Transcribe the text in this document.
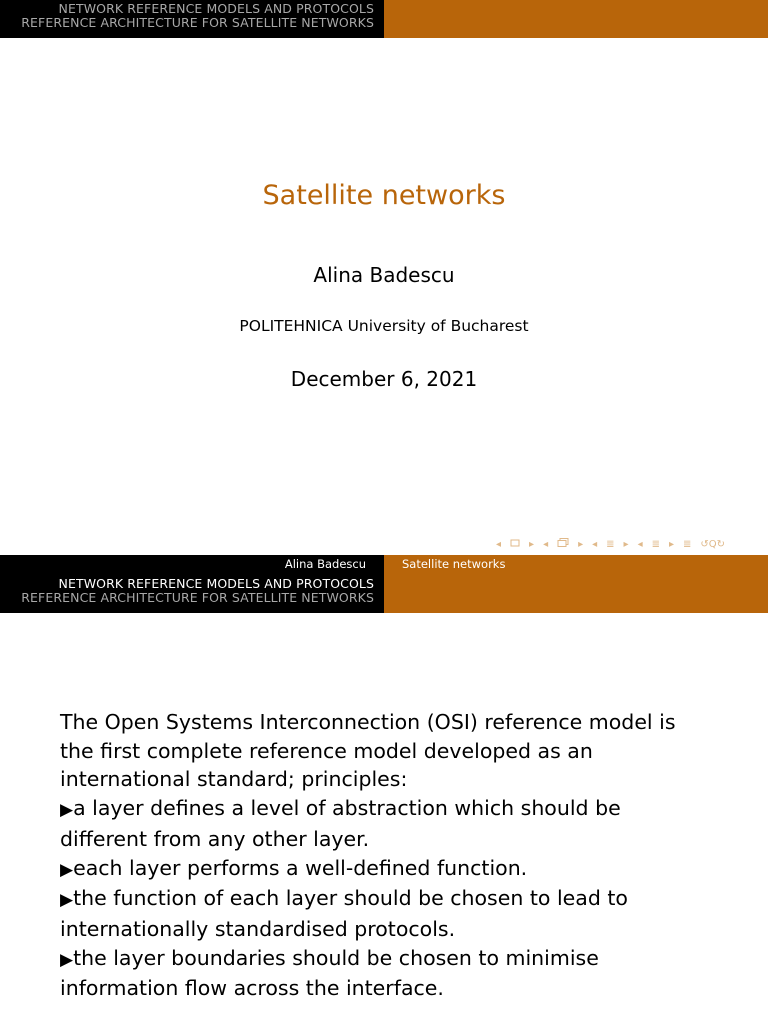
NETWORK REFERENCE MODELS AND PROTOCOLS
REFERENCE ARCHITECTURE FOR SATELLITE NETWORKS
Satellite networks
Alina Badescu
POLITEHNICA University of Bucharest
December 6, 2021
◂	▸ ◂	▸ ◂ ≣ ▸ ◂ ≣ ▸ ≣ ↺Q↻
Alina Badescu	Satellite networks
NETWORK REFERENCE MODELS AND PROTOCOLS
REFERENCE ARCHITECTURE FOR SATELLITE NETWORKS

The Open Systems Interconnection (OSI) reference model is the first complete reference model developed as an international standard; principles:

▶a layer defines a level of abstraction which should be different from any other layer.

▶each layer performs a well-defined function.

▶the function of each layer should be chosen to lead to internationally standardised protocols.

▶the layer boundaries should be chosen to minimise information flow across the interface.
